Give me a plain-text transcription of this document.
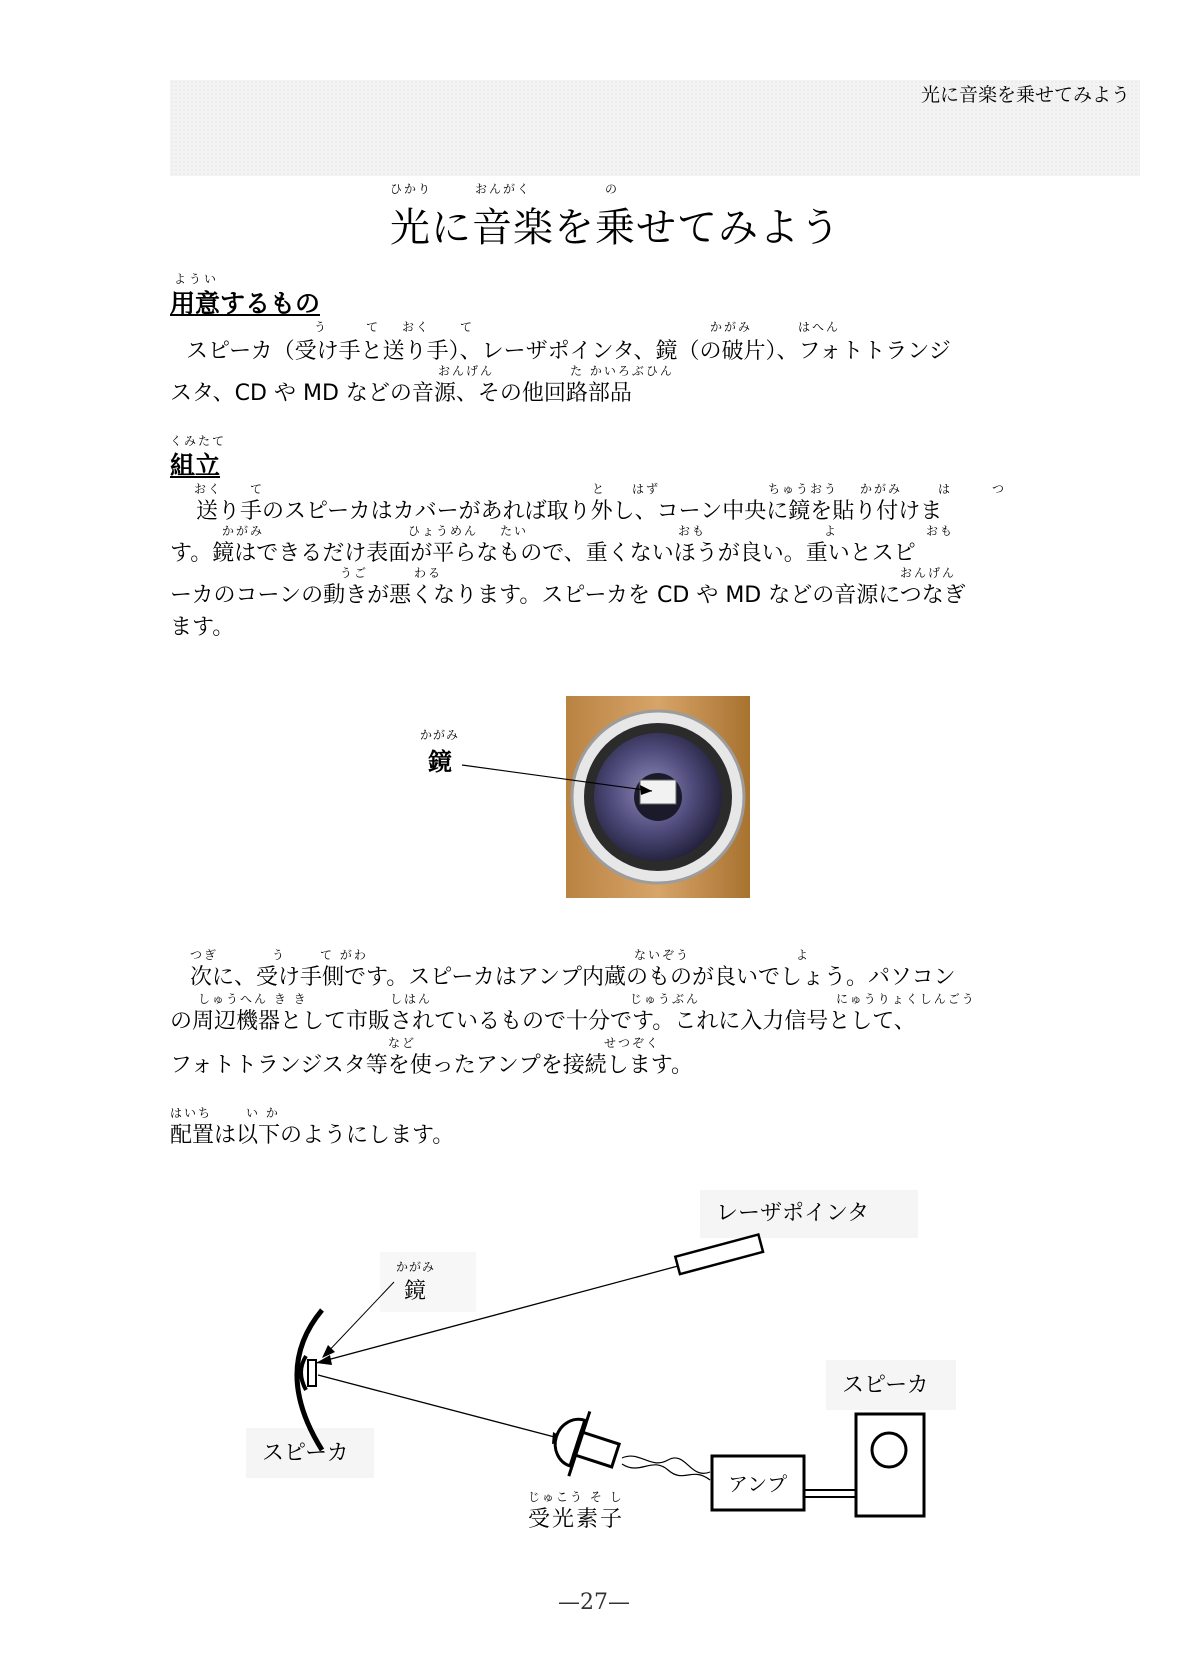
光に音楽を乗せてみよう
ひかり	おんがく	の
光に音楽を乗せてみよう
ようい
用意するもの
う	て おく て	かがみ	はへん
スピーカ（受け手と送り手）、レーザポインタ、鏡（の破片）、フォトトランジ
おんげん	た かいろぶひん
スタ、CD や MD などの音源、その他回路部品
くみたて
組立
おく て	と はず	ちゅうおう かがみ	は	つ
送り手のスピーカはカバーがあれば取り外し、コーン中央に鏡を貼り付けま
かがみ	ひょうめん たい	おも	よ	おも
す。鏡はできるだけ表面が平らなもので、重くないほうが良い。重いとスピ
うご	わる	おんげん
ーカのコーンの動きが悪くなります。スピーカを CD や MD などの音源につなぎ
ます。
かがみ
鏡
つぎ	う	て がわ	ないぞう	よ
次に、受け手側です。スピーカはアンプ内蔵のものが良いでしょう。パソコン
しゅうへん き き	しはん	じゅうぶん	にゅうりょくしんごう
の周辺機器として市販されているもので十分です。これに入力信号として、
など	せつぞく
フォトトランジスタ等を使ったアンプを接続します。
はいち	い か
配置は以下のようにします。
レーザポインタ
かがみ
鏡
スピーカ
スピーカ
アンプ
じゅこう そ し
受光素子
—27—
